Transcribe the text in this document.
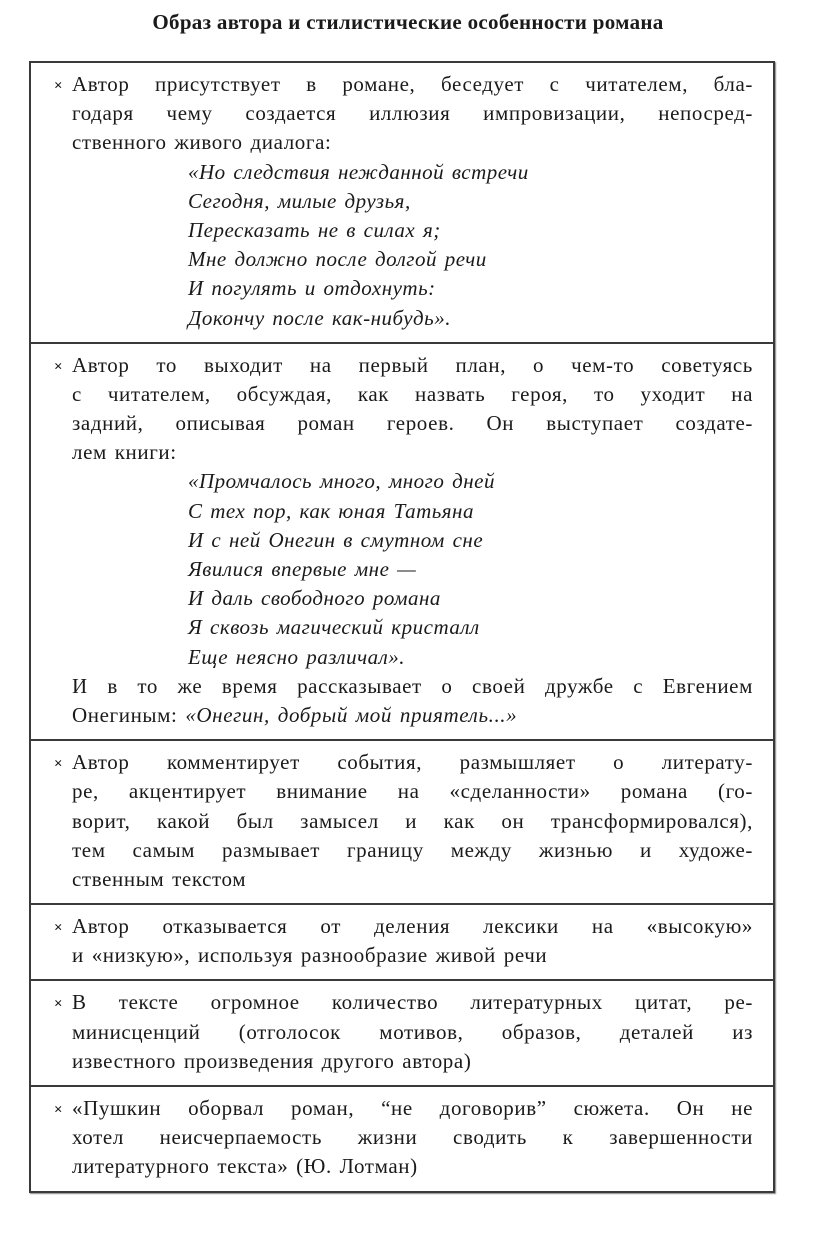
Образ автора и стилистические особенности романа
× Автор присутствует в романе, беседует с читателем, бла-
годаря чему создается иллюзия импровизации, непосред-
ственного живого диалога:
«Но следствия нежданной встречи
Сегодня, милые друзья,
Пересказать не в силах я;
Мне должно после долгой речи
И погулять и отдохнуть:
Докончу после как-нибудь».
× Автор то выходит на первый план, о чем-то советуясь
с читателем, обсуждая, как назвать героя, то уходит на
задний, описывая роман героев. Он выступает создате-
лем книги:
«Промчалось много, много дней
С тех пор, как юная Татьяна
И с ней Онегин в смутном сне
Явилися впервые мне —
И даль свободного романа
Я сквозь магический кристалл
Еще неясно различал».
И в то же время рассказывает о своей дружбе с Евгением
Онегиным: «Онегин, добрый мой приятель...»
× Автор комментирует события, размышляет о литерату-
ре, акцентирует внимание на «сделанности» романа (го-
ворит, какой был замысел и как он трансформировался),
тем самым размывает границу между жизнью и художе-
ственным текстом
× Автор отказывается от деления лексики на «высокую»
и «низкую», используя разнообразие живой речи
× В тексте огромное количество литературных цитат, ре-
минисценций (отголосок мотивов, образов, деталей из
известного произведения другого автора)
× «Пушкин оборвал роман, “не договорив” сюжета. Он не
хотел неисчерпаемость жизни сводить к завершенности
литературного текста» (Ю. Лотман)
